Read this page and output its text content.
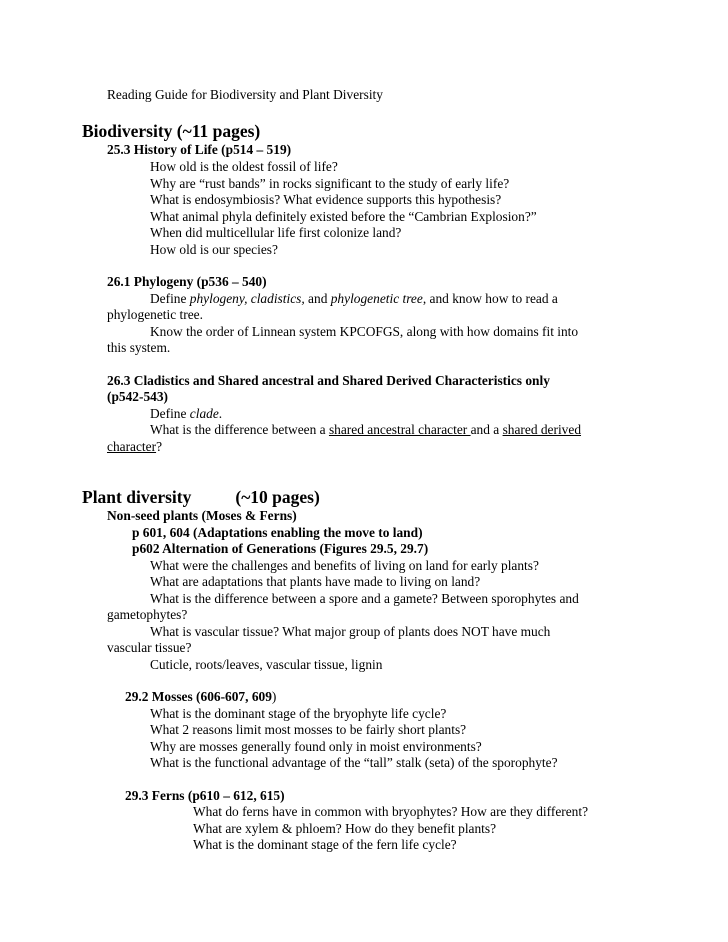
Reading Guide for Biodiversity and Plant Diversity
Biodiversity (~11 pages)
25.3 History of Life (p514 – 519)
How old is the oldest fossil of life?
Why are “rust bands” in rocks significant to the study of early life?
What is endosymbiosis? What evidence supports this hypothesis?
What animal phyla definitely existed before the “Cambrian Explosion?”
When did multicellular life first colonize land?
How old is our species?
26.1 Phylogeny (p536 – 540)
Define phylogeny, cladistics, and phylogenetic tree, and know how to read a
phylogenetic tree.
Know the order of Linnean system KPCOFGS, along with how domains fit into
this system.
26.3 Cladistics and Shared ancestral and Shared Derived Characteristics only
(p542-543)
Define clade.
What is the difference between a shared ancestral character and a shared derived
character?
Plant diversity	(~10 pages)
Non-seed plants (Moses & Ferns)
p 601, 604 (Adaptations enabling the move to land)
p602 Alternation of Generations (Figures 29.5, 29.7)
What were the challenges and benefits of living on land for early plants?
What are adaptations that plants have made to living on land?
What is the difference between a spore and a gamete? Between sporophytes and
gametophytes?
What is vascular tissue? What major group of plants does NOT have much
vascular tissue?
Cuticle, roots/leaves, vascular tissue, lignin
29.2 Mosses (606-607, 609)
What is the dominant stage of the bryophyte life cycle?
What 2 reasons limit most mosses to be fairly short plants?
Why are mosses generally found only in moist environments?
What is the functional advantage of the “tall” stalk (seta) of the sporophyte?
29.3 Ferns (p610 – 612, 615)
What do ferns have in common with bryophytes? How are they different?
What are xylem & phloem? How do they benefit plants?
What is the dominant stage of the fern life cycle?
